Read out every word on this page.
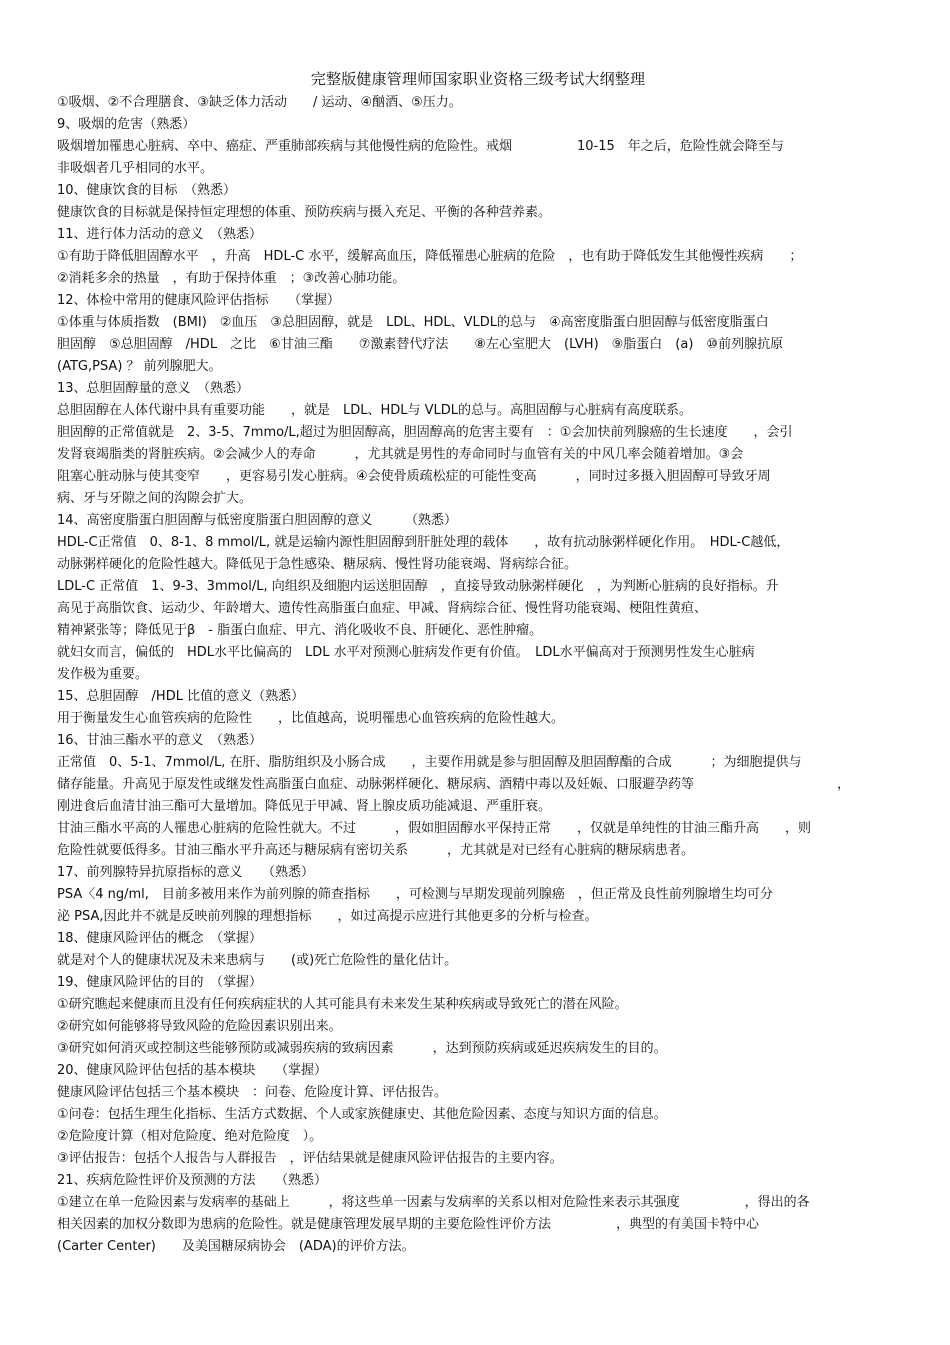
完整版健康管理师国家职业资格三级考试大纲整理
①吸烟、②不合理膳食、③缺乏体力活动　　/ 运动、④酗酒、⑤压力。
9、吸烟的危害（熟悉）
吸烟增加罹患心脏病、卒中、癌症、严重肺部疾病与其他慢性病的危险性。戒烟　　　　　10-15　年之后，危险性就会降至与
非吸烟者几乎相同的水平。
10、健康饮食的目标　（熟悉）
健康饮食的目标就是保持恒定理想的体重、预防疾病与摄入充足、平衡的各种营养素。
11、进行体力活动的意义　（熟悉）
①有助于降低胆固醇水平　，升高　HDL-C 水平，缓解高血压，降低罹患心脏病的危险　，也有助于降低发生其他慢性疾病　　；
②消耗多余的热量　，有助于保持体重　；③改善心肺功能。
12、体检中常用的健康风险评估指标　　（掌握）
①体重与体质指数　(BMI)　②血压　③总胆固醇，就是　LDL、HDL、VLDL的总与　④高密度脂蛋白胆固醇与低密度脂蛋白
胆固醇　⑤总胆固醇　/HDL　之比　⑥甘油三酯　　⑦激素替代疗法　　⑧左心室肥大　(LVH)　⑨脂蛋白　(a)　⑩前列腺抗原
(ATG,PSA) ？ 前列腺肥大。
13、总胆固醇量的意义　（熟悉）
总胆固醇在人体代谢中具有重要功能　　，就是　LDL、HDL与 VLDL的总与。高胆固醇与心脏病有高度联系。
胆固醇的正常值就是　2、3-5、7mmo/L,超过为胆固醇高，胆固醇高的危害主要有　：①会加快前列腺癌的生长速度　　，会引
发肾衰竭脂类的肾脏疾病。②会减少人的寿命　　　，尤其就是男性的寿命同时与血管有关的中风几率会随着增加。③会
阻塞心脏动脉与使其变窄　　，更容易引发心脏病。④会使骨质疏松症的可能性变高　　　，同时过多摄入胆固醇可导致牙周
病、牙与牙隙之间的沟隙会扩大。
14、高密度脂蛋白胆固醇与低密度脂蛋白胆固醇的意义　　　（熟悉）
HDL-C正常值　0、8-1、8 mmol/L, 就是运输内源性胆固醇到肝脏处理的载体　　，故有抗动脉粥样硬化作用。　HDL-C越低，
动脉粥样硬化的危险性越大。降低见于急性感染、糖尿病、慢性肾功能衰竭、肾病综合征。
LDL-C 正常值　1、9-3、3mmol/L, 向组织及细胞内运送胆固醇　，直接导致动脉粥样硬化　，为判断心脏病的良好指标。升
高见于高脂饮食、运动少、年龄增大、遗传性高脂蛋白血症、甲减、肾病综合征、慢性肾功能衰竭、梗阻性黄疸、
精神紧张等；降低见于β　- 脂蛋白血症、甲亢、消化吸收不良、肝硬化、恶性肿瘤。
就妇女而言，偏低的　HDL水平比偏高的　LDL 水平对预测心脏病发作更有价值。　LDL水平偏高对于预测男性发生心脏病
发作极为重要。
15、总胆固醇　/HDL 比值的意义（熟悉）
用于衡量发生心血管疾病的危险性　　，比值越高，说明罹患心血管疾病的危险性越大。
16、甘油三酯水平的意义　（熟悉）
正常值　0、5-1、7mmol/L, 在肝、脂肪组织及小肠合成　　，主要作用就是参与胆固醇及胆固醇酯的合成　　　；为细胞提供与
储存能量。升高见于原发性或继发性高脂蛋白血症、动脉粥样硬化、糖尿病、酒精中毒以及妊娠、口服避孕药等　　　　　　　　　　　，
刚进食后血清甘油三酯可大量增加。降低见于甲减、肾上腺皮质功能减退、严重肝衰。
甘油三酯水平高的人罹患心脏病的危险性就大。不过　　　，假如胆固醇水平保持正常　　，仅就是单纯性的甘油三酯升高　　，则
危险性就要低得多。甘油三酯水平升高还与糖尿病有密切关系　　　，尤其就是对已经有心脏病的糖尿病患者。
17、前列腺特异抗原指标的意义　　（熟悉）
PSA〈4 ng/ml,　目前多被用来作为前列腺的筛查指标　　，可检测与早期发现前列腺癌　，但正常及良性前列腺增生均可分
泌 PSA,因此并不就是反映前列腺的理想指标　　，如过高提示应进行其他更多的分析与检查。
18、健康风险评估的概念　（掌握）
就是对个人的健康状况及未来患病与　　(或)死亡危险性的量化估计。
19、健康风险评估的目的　（掌握）
①研究瞧起来健康而且没有任何疾病症状的人其可能具有未来发生某种疾病或导致死亡的潜在风险。
②研究如何能够将导致风险的危险因素识别出来。
③研究如何消灭或控制这些能够预防或减弱疾病的致病因素　　　，达到预防疾病或延迟疾病发生的目的。
20、健康风险评估包括的基本模块　　（掌握）
健康风险评估包括三个基本模块　：问卷、危险度计算、评估报告。
①问卷：包括生理生化指标、生活方式数据、个人或家族健康史、其他危险因素、态度与知识方面的信息。
②危险度计算（相对危险度、绝对危险度　）。
③评估报告：包括个人报告与人群报告　，评估结果就是健康风险评估报告的主要内容。
21、疾病危险性评价及预测的方法　　（熟悉）
①建立在单一危险因素与发病率的基础上　　　，将这些单一因素与发病率的关系以相对危险性来表示其强度　　　　　，得出的各
相关因素的加权分数即为患病的危险性。就是健康管理发展早期的主要危险性评价方法　　　　　，典型的有美国卡特中心
(Carter Center)　　及美国糖尿病协会　(ADA)的评价方法。
